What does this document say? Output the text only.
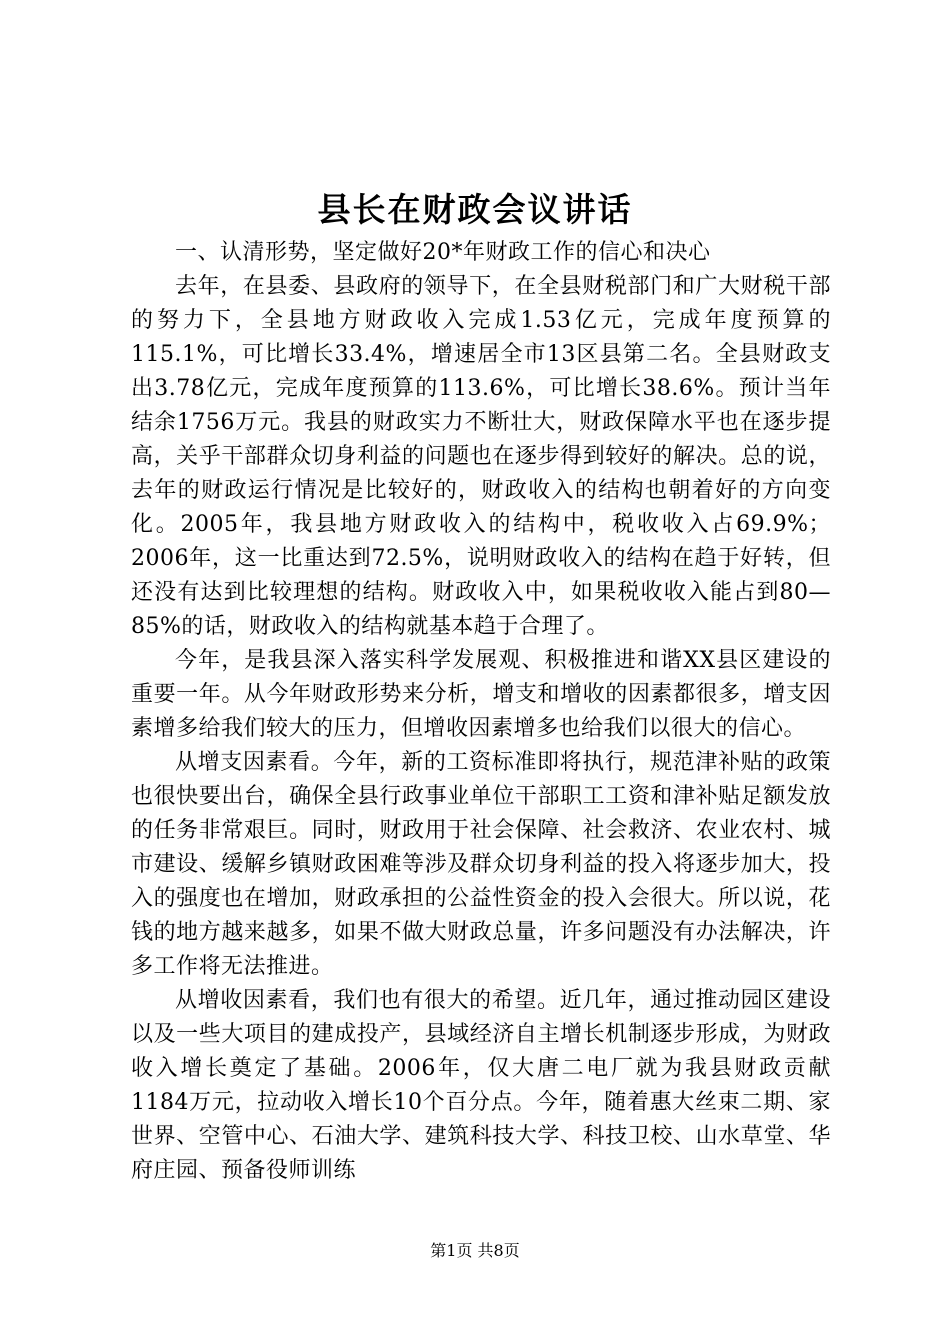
县长在财政会议讲话

一、认清形势，坚定做好20*年财政工作的信心和决心

去年，在县委、县政府的领导下，在全县财税部门和广大财税干部的努力下，全县地方财政收入完成1.53亿元，完成年度预算的115.1%，可比增长33.4%，增速居全市13区县第二名。全县财政支出3.78亿元，完成年度预算的113.6%，可比增长38.6%。预计当年结余1756万元。我县的财政实力不断壮大，财政保障水平也在逐步提高，关乎干部群众切身利益的问题也在逐步得到较好的解决。总的说，去年的财政运行情况是比较好的，财政收入的结构也朝着好的方向变化。2005年，我县地方财政收入的结构中，税收收入占69.9%；2006年，这一比重达到72.5%，说明财政收入的结构在趋于好转，但还没有达到比较理想的结构。财政收入中，如果税收收入能占到80—85%的话，财政收入的结构就基本趋于合理了。

今年，是我县深入落实科学发展观、积极推进和谐XX县区建设的重要一年。从今年财政形势来分析，增支和增收的因素都很多，增支因素增多给我们较大的压力，但增收因素增多也给我们以很大的信心。

从增支因素看。今年，新的工资标准即将执行，规范津补贴的政策也很快要出台，确保全县行政事业单位干部职工工资和津补贴足额发放的任务非常艰巨。同时，财政用于社会保障、社会救济、农业农村、城市建设、缓解乡镇财政困难等涉及群众切身利益的投入将逐步加大，投入的强度也在增加，财政承担的公益性资金的投入会很大。所以说，花钱的地方越来越多，如果不做大财政总量，许多问题没有办法解决，许多工作将无法推进。

从增收因素看，我们也有很大的希望。近几年，通过推动园区建设以及一些大项目的建成投产，县域经济自主增长机制逐步形成，为财政收入增长奠定了基础。2006年，仅大唐二电厂就为我县财政贡献1184万元，拉动收入增长10个百分点。今年，随着惠大丝束二期、家世界、空管中心、石油大学、建筑科技大学、科技卫校、山水草堂、华府庄园、预备役师训练

第1页 共8页
